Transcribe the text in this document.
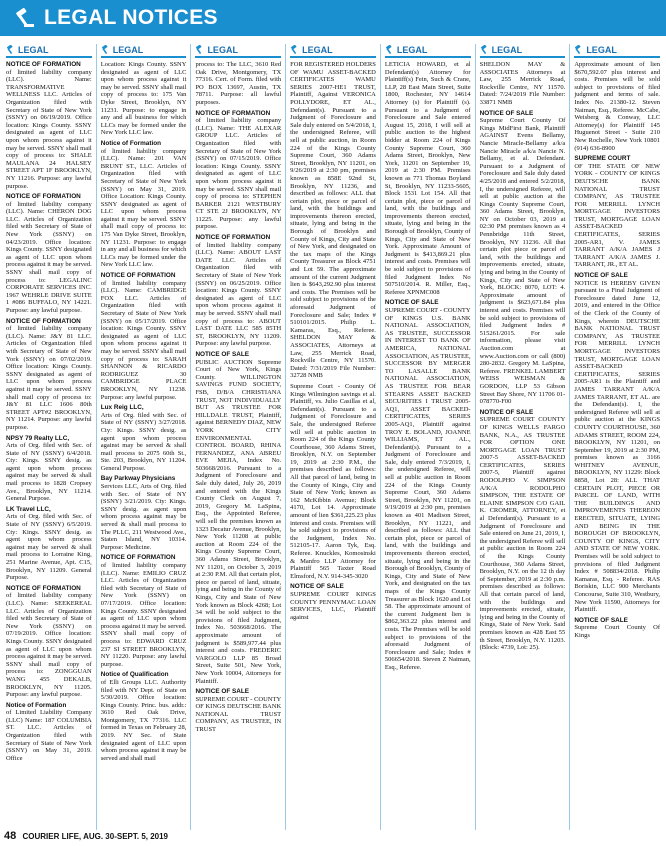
LEGAL NOTICES
LEGAL

NOTICE OF FORMATION
of limited liability company (LLC). Name: TRANSFORMATIVE WELLNESS LLC. Articles of Organization filed with Secretary of State of New York (SSNY) on 06/19/2019. Office location: Kings County. SSNY designated as agent of LLC upon whom process against it may be served. SSNY shall mail copy of process to: SHALE MAULANA 24 HALSEY STREET APT 1F BROOKLYN, NY 11216. Purpose: any lawful purpose.

NOTICE OF FORMATION
of limited liability company (LLC). Name: CHERON DOG LLC. Articles of Organization filed with Secretary of State of New York (SSNY) on 04/23/2019. Office location: Kings County. SSNY designated as agent of LLC upon whom process against it may be served. SSNY shall mail copy of process to: LEGALINC CORPORATE SERVICES INC. 1967 WEHRLE DRIVE SUITE 1 #086 BUFFALO, NY 14221. Purpose: any lawful purpose.

NOTICE OF FORMATION
of limited liability company (LLC). Name: J&Y 81 LLC. Articles of Organization filed with Secretary of State of New York (SSNY) on 07/02/2019. Office location: Kings County. SSNY designated as agent of LLC upon whom process against it may be served. SSNY shall mail copy of process to: J&Y 81 LLC 1606 80th STREET APT#2 BROOKLYN, NY 11214. Purpose: any lawful purpose.

NPSY 79 Realty LLC,
Arts of Org. filed with Sec. of State of NY (SSNY) 6/4/2018. Cty: Kings. SSNY desig. as agent upon whom process against may be served & shall mail process to 1828 Cropsey Ave., Brooklyn, NY 11214. General Purpose.

LK Travel LLC,
Arts of Org. filed with Sec. of State of NY (SSNY) 6/5/2019. Cty: Kings. SSNY desig. as agent upon whom process against may be served & shall mail process to Lorraine King, 251 Marine Avenue, Apt. C15, Brooklyn, NY 11209. General Purpose.

NOTICE OF FORMATION
of limited liability company (LLC). Name: SEEKEREAL LLC. Articles of Organization filed with Secretary of State of New York (SSNY) on 07/19/2019. Office location: Kings County. SSNY designated as agent of LLC upon whom process against it may be served. SSNY shall mail copy of process to: ZONGGUAN WANG 455 DEKALB, BROOKLYN, NY 11205. Purpose: any lawful purpose.

Notice of Formation
of Limited Liability Company (LLC) Name: 187 COLUMBIA ST. LLC. Articles of Organization filed with Secretary of State of New York (SSNY) on May 31, 2019. Office

LEGAL

Location: Kings County. SSNY designated as agent of LLC upon whom process against it may be served. SSNY shall mail copy of process to: 175 Van Dyke Street, Brooklyn, NY 11231. Purpose: to engage in any and all business for which LLCs may be formed under the New York LLC law.

Notice of Formation
of limited liability company (LLC). Name: 201 VAN BRUNT ST., LLC. Articles of Organization filed with Secretary of State of New York (SSNY) on May 31, 2019. Office Location: Kings County. SSNY designated as agent of LLC upon whom process against it may be served. SSNY shall mail copy of process to: 175 Van Dyke Street, Brooklyn, NY 11231. Purpose: to engage in any and all business for which LLCs may be formed under the New York LLC law.

NOTICE OF FORMATION
of limited liability company (LLC). Name: CAMBRIDGE FOX LLC. Articles of Organization filed with Secretary of State of New York (SSNY) on 05/17/2019. Office location: Kings County. SSNY designated as agent of LLC upon whom process against it may be served. SSNY shall mail copy of process to: SARAH SHANNON & RICARDO RODRIGUEZ 30 CAMBRIDGE PLACE BROOKLYN, NY 11238. Purpose: any lawful purpose.

Lux Reig LLC,
Arts of Org. filed with Sec. of State of NY (SSNY) 3/27/2018. Cty: Kings. SSNY desig. as agent upon whom process against may be served & shall mail process to 2075 60th St., Ste. 203, Brooklyn, NY 11204. General Purpose.

Bay Parkway Physicians
Services LLC, Arts of Org. filed with Sec. of State of NY (SSNY) 3/21/2019. Cty: Kings. SSNY desig. as agent upon whom process against may be served & shall mail process to The PLLC, 211 Westwood Ave., Staten Island, NY 10314. Purpose: Medicine.

NOTICE OF FORMATION
of limited liability company (LLC). Name: EMILIO CRUZ LLC. Articles of Organization filed with Secretary of State of New York (SSNY) on 07/17/2019. Office location: Kings County. SSNY designated as agent of LLC upon whom process against it may be served. SSNY shall mail copy of process to: EDWARD CRUZ 237 SI STREET BROOKLYN, NY 11220. Purpose: any lawful purpose.

Notice of Qualification
of Elli Groups LLC. Authority filed with NY Dept. of State on 5/30/2019. Office location: Kings County. Princ. bus. addr.: 3610 Red Oak Drive, Montgomery, TX 77316. LLC formed in Texas on February 28, 2019. NY Sec. of State designated agent of LLC upon whom process against it may be served and shall mail

LEGAL

process to: The LLC, 3610 Red Oak Drive, Montgomery, TX 77316. Cert. of Form. filed with PO BOX 13697, Austin, TX 78711. Purpose: all lawful purposes.

NOTICE OF FORMATION
of limited liability company (LLC). Name: THE ALEXAR GROUP LLC. Articles of Organization filed with Secretary of State of New York (SSNY) on 07/15/2019. Office location: Kings County. SSNY designated as agent of LLC upon whom process against it may be served. SSNY shall mail copy of process to: STEPHEN BARKER 2121 WESTBURY CT STE 2J BROOKLYN, NY 11225. Purpose: any lawful purpose.

NOTICE OF FORMATION
of limited liability company (LLC). Name: ABOUT LAST DATE LLC. Articles of Organization filed with Secretary of State of New York (SSNY) on 06/25/2019. Office location: Kings County. SSNY designated as agent of LLC upon whom process against it may be served. SSNY shall mail copy of process to: ABOUT LAST DATE LLC 585 85TH ST, BROOKLYN, NY 11209. Purpose: any lawful purpose.

NOTICE OF SALE
PUBLIC AUCTION Supreme Court of New York, Kings County. WILLINGTON SAVINGS FUND SOCIETY, FSB, D/B/A CHRISTIANA TRUST, NOT INDIVIDUALLY BUT AS TRUSTEE FOR HILLDALE TRUST, Plaintiff, against BERNEDY DIAZ, NEW YORK CITY ENVIRONMENTAL CONTROL BOARD, RHINA FERNANDEZ, ANA ABREU EVE MEJIA, Index No. 503668/2016. Pursuant to a Judgment of Foreclosure and Sale duly dated, July 26, 2019 and entered with the Kings County Clerk on August 7, 2019, Gregory M. LaSpina, Esq., the Appointed Referee, will sell the premises known as 1323 Decatur Avenue, Brooklyn, New York 11208 at public auction at Room 224 of the Kings County Supreme Court, 360 Adams Street, Brooklyn, NY 11201, on October 3, 2019 at 2:30 P.M. All that certain plot, piece or parcel of land, situate, lying and being in the County of Kings, City and State of New York known as Block 4268; Lot 34 will be sold subject to the provisions of filed Judgment, Index No. 503668/2016. The approximate amount of judgment is $589,977.44 plus interest and costs. FREDERIC VARGOLO LLP 85 Broad Street, Suite 501, New York, New York 10004, Attorneys for Plaintiff.

NOTICE OF SALE
SUPREME COURT - COUNTY OF KINGS DEUTSCHE BANK NATIONAL TRUST COMPANY, AS TRUSTEE, IN TRUST

LEGAL

FOR REGISTERED HOLDERS OF WAMU ASSET-BACKED CERTIFICATES WAMU SERIES 2007-HE1 TRUST, Plaintiff, Against VERONICA POLLYDORE, ET AL., Defendant(s). Pursuant to a Judgment of Foreclosure and Sale duly entered on 5/4/2018, I, the undersigned Referee, will sell at public auction, in Room 224 of the Kings County Supreme Court, 360 Adams Street, Brooklyn, NY 11201, on 9/26/2019 at 2:30 pm, premises known as 858E 92nd St, Brooklyn, NY 11236, and described as follows: ALL that certain plot, piece or parcel of land, with the buildings and improvements thereon erected, situate, lying and being in the Borough of Brooklyn and County of Kings, City and State of New York, and designated on the tax maps of the Kings County Treasurer as Block 4751 and Lot 59. The approximate amount of the current Judgment lien is $643,292.90 plus interest and costs. The Premises will be sold subject to provisions of the aforesaid Judgment of Foreclosure and Sale; Index # 510101/2015. Philip L. Kamaras, Esq., Referee. SHELDON MAY & ASSOCIATES, Attorneys at Law, 255 Merrick Road, Rockville Centre, NY 11570. Dated: 7/31/2019 File Number: 32728 NMB

Supreme Court - County Of Kings Wilmington savings et al. Plaintiff, vs. Julio Casillas et al, Defendant(s). Pursuant to a Judgment of Foreclosure and Sale, the undersigned Referee will sell at public auction in Room 224 of the Kings County Courthouse, 360 Adams Street, Brooklyn, N.Y. on September 19, 2019 at 2:30 P.M., the premises described as follows: All that parcel of land, being in the County of Kings, City and State of New York; known as 162 McKibbin Avenue; Block 4170, Lot 14. Approximate amount of lien $361,225.23 plus interest and costs. Premises will be sold subject to provisions of the Judgment, Index No. 512105-17. Aaron Tyk, Esq. Referee. Knuckles, Komosinski & Manfro LLP Attorney for Plaintiff 565 Taxter Road Elmsford, N.Y. 914-345-3020

NOTICE OF SALE
SUPREME COURT KINGS COUNTY PENNYMAC LOAN SERVICES, LLC, Plaintiff against

LEGAL

LETICIA HOWARD, et al Defendant(s) Attorney for Plaintiff(s) Fein, Such & Crane, LLP, 28 East Main Street, Suite 1800, Rochester, NY 14614 Attorney (s) for Plaintiff (s). Pursuant to a Judgment of Foreclosure and Sale entered August 15, 2018, I will sell at public auction to the highest bidder at Room 224 of Kings County Supreme Court, 360 Adams Street, Brooklyn, New York, 11201 on September 19, 2019 at 2:30 PM. Premises known as 771 Thomas Boyland St, Brooklyn, NY 11233-5605, Block 1531 Lot 154. All that certain plot, piece or parcel of land, with the buildings and improvements thereon erected, situate, lying and being in the Borough of Brooklyn, County of Kings, City and State of New York. Approximate Amount of Judgment is $413,869.21 plus interest and costs. Premises will be sold subject to provisions of filed Judgment Index No 507510/2014. R. Miller, Esq., Referee XPNMC008

NOTICE OF SALE
SUPREME COURT - COUNTY OF KINGS U.S. BANK NATIONAL ASSOCIATION, AS TRUSTEE, SUCCESSOR IN INTEREST TO BANK OF AMERICA, NATIONAL ASSOCIATION, AS TRUSTEE, SUCCESSOR BY MERGER TO LASALLE BANK NATIONAL ASSOCIATION, AS TRUSTEE FOR BEAR STEARNS ASSET BACKED SECURITIES I TRUST 2005-AQ1, ASSET BACKED-CERTIFICATES, SERIES 2005-AQ1, Plaintiff against TROY E. BOLAND, JOANNE WILLIAMS, ET AL., Defendant(s). Pursuant to a Judgment of Foreclosure and Sale, duly entered 7/3/2019, I, the undersigned Referee, will sell at public auction in Room 224 of the Kings County Supreme Court, 360 Adams Street, Brooklyn, NY 11201, on 9/19/2019 at 2:30 pm, premises known as 401 Madison Street, Brooklyn, NY 11221, and described as follows: ALL that certain plot, piece or parcel of land, with the buildings and improvements thereon erected, situate, lying and being in the Borough of Brooklyn, County of Kings, City and State of New York, and designated on the tax maps of the Kings County Treasurer as Block 1620 and Lot 58. The approximate amount of the current Judgment lien is $862,363.22 plus interest and costs. The Premises will be sold subject to provisions of the aforesaid Judgment of Foreclosure and Sale; Index # 506654/2018. Steven Z Naiman, Esq., Referee.

LEGAL

SHELDON MAY & ASSOCIATES Attorneys at Law, 255 Merrick Road, Rockville Centre, NY 11570. Dated: 7/24/2019 File Number: 33871 NMB

NOTICE OF SALE
Supreme Court County Of Kings MidFirst Bank, Plaintiff AGAINST Evens Bellamy, Nancie Miracle-Bellamy a/k/a Nancie Miracle a/k/a Nancie N. Bellamy, et al. Defendant. Pursuant to a Judgment of Foreclosure and Sale duly dated 4/25/2018 and entered 5/2/2018, I, the undersigned Referee, will sell at public auction at the Kings County Supreme Court, 360 Adams Street, Brooklyn, NY on October 03, 2019 at 02:30 PM premises known as 4 Pennbridge 11th Street, Brooklyn, NY 11236. All that certain plot piece or parcel of land, with the buildings and improvements erected, situate, lying and being in the County of Kings, City and State of New York, BLOCK: 8070, LOT: 4. Approximate amount of judgment is $623,671.84 plus interest and costs. Premises will be sold subject to provisions of filed Judgment Index # 515261/2015. For sale information, please visit Auction.com at www.Auction.com or call (800) 280-2832. Gregory M. LaSpina, Referee. FRENKEL LAMBERT WEISS WEISMAN & GORDON, LLP 53 Gibson Street Bay Shore, NY 11706 01-078770-F00

NOTICE OF SALE
SUPREME COURT COUNTY OF KINGS WELLS FARGO BANK, N.A., AS TRUSTEE FOR OPTION ONE MORTGAGE LOAN TRUST 2007-5 ASSET-BACKED CERTIFICATES, SERIES 2007-5, Plaintiff against RODOLPHO V. SIMPSON A/K/A RODOLPHO SIMPSON, THE ESTATE OF ELAINE SIMPSON C/O GAIL K. CROMER, ATTORNEY, et al Defendant(s). Pursuant to a Judgment of Foreclosure and Sale entered on June 21, 2019, I, the undersigned Referee will sell at public auction in Room 224 of the Kings County Courthouse, 360 Adams Street, Brooklyn, N.Y. on the 12 th day of September, 2019 at 2:30 p.m. premises described as follows: All that certain parcel of land, with the buildings and improvements erected, situate, lying and being in the County of Kings, State of New York. Said premises known as 428 East 55 th Street, Brooklyn, N.Y. 11203. (Block: 4739, Lot: 25).

LEGAL

Approximate amount of lien $670,592.07 plus interest and costs. Premises will be sold subject to provisions of filed judgment and terms of sale. Index No. 21380-12. Steven Naiman, Esq., Referee. McCabe, Weisberg & Conway, LLC Attorney(s) for Plaintiff 145 Huguenot Street - Suite 210 New Rochelle, New York 10801 (914) 636-8900

SUPREME COURT
OF THE STATE OF NEW YORK - COUNTY OF KINGS DEUTSCHE BANK NATIONAL TRUST COMPANY, AS TRUSTEE FOR MERRILL LYNCH MORTGAGE INVESTORS TRUST, MORTGAGE LOAN ASSET-BACKED CERTIFICATES, SERIES 2005-AR1, V. JAMES TARRANT A/K/A JAMES J TARRANT A/K/A JAMES J. TARRANT, JR., ET AL.

NOTICE OF SALE
NOTICE IS HEREBY GIVEN pursuant to a Final Judgment of Foreclosure dated June 12, 2019, and entered in the Office of the Clerk of the County of Kings, wherein DEUTSCHE BANK NATIONAL TRUST COMPANY, AS TRUSTEE FOR MERRILL LYNCH MORTGAGE INVESTORS TRUST, MORTGAGE LOAN ASSET-BACKED CERTIFICATES, SERIES 2005-AR1 is the Plaintiff and JAMES TARRANT A/K/A JAMES TARRANT, ET AL. are the Defendant(s). I, the undersigned Referee will sell at public auction at the KINGS COUNTY COURTHOUSE, 360 ADAMS STREET, ROOM 224, BROOKLYN, NY 11201, on September 19, 2019 at 2:30 PM, premises known as 3166 WHITNEY AVENUE, BROOKLYN, NY 11229: Block 8858, Lot 28: ALL THAT CERTAIN PLOT, PIECE OR PARCEL OF LAND, WITH THE BUILDINGS AND IMPROVEMENTS THEREON ERECTED, SITUATE, LYING AND BEING IN THE BOROUGH OF BROOKLYN, COUNTY OF KINGS, CITY AND STATE OF NEW YORK. Premises will be sold subject to provisions of filed Judgment Index # 508834/2018. Philip Kamaras, Esq. - Referee. RAS Boriskin, LLC 900 Merchants Concourse, Suite 310, Westbury, New York 11590, Attorneys for Plaintiff.

NOTICE OF SALE
Supreme Court County Of Kings

48 COURIER LIFE, AUG. 30-SEPT. 5, 2019
